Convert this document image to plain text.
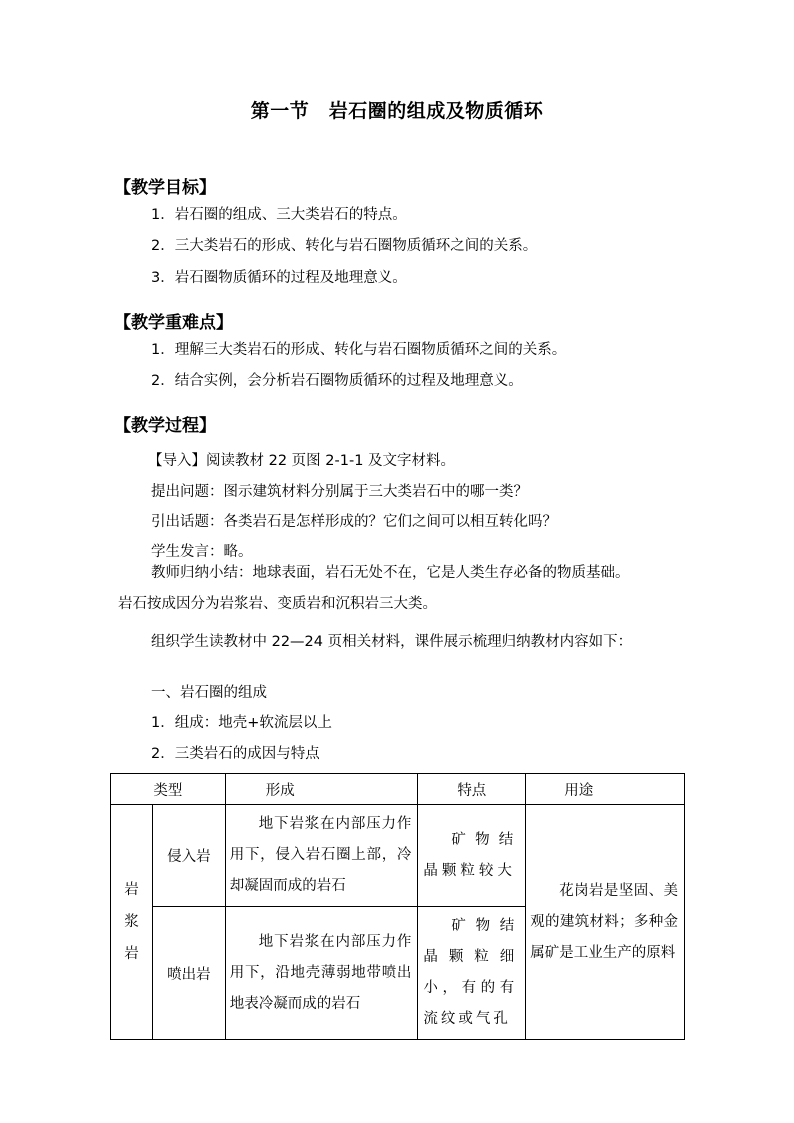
第一节　岩石圈的组成及物质循环
【教学目标】
1．岩石圈的组成、三大类岩石的特点。
2．三大类岩石的形成、转化与岩石圈物质循环之间的关系。
3．岩石圈物质循环的过程及地理意义。
【教学重难点】
1．理解三大类岩石的形成、转化与岩石圈物质循环之间的关系。
2．结合实例，会分析岩石圈物质循环的过程及地理意义。
【教学过程】
【导入】阅读教材 22 页图 2-1-1 及文字材料。
提出问题：图示建筑材料分别属于三大类岩石中的哪一类？
引出话题：各类岩石是怎样形成的？它们之间可以相互转化吗？
学生发言：略。
教师归纳小结：地球表面，岩石无处不在，它是人类生存必备的物质基础。
岩石按成因分为岩浆岩、变质岩和沉积岩三大类。
组织学生读教材中 22—24 页相关材料，课件展示梳理归纳教材内容如下：
一、岩石圈的组成
1．组成：地壳+软流层以上
2．三类岩石的成因与特点
类型		形成	特点	用途

岩
浆
岩	侵入岩	地下岩浆在内部压力作用下，侵入岩石圈上部，冷却凝固而成的岩石	矿物结晶颗粒较大	花岗岩是坚固、美观的建筑材料；多种金属矿是工业生产的原料

	喷出岩	地下岩浆在内部压力作用下，沿地壳薄弱地带喷出地表冷凝而成的岩石	矿物结晶颗粒细小，有的有流纹或气孔	
